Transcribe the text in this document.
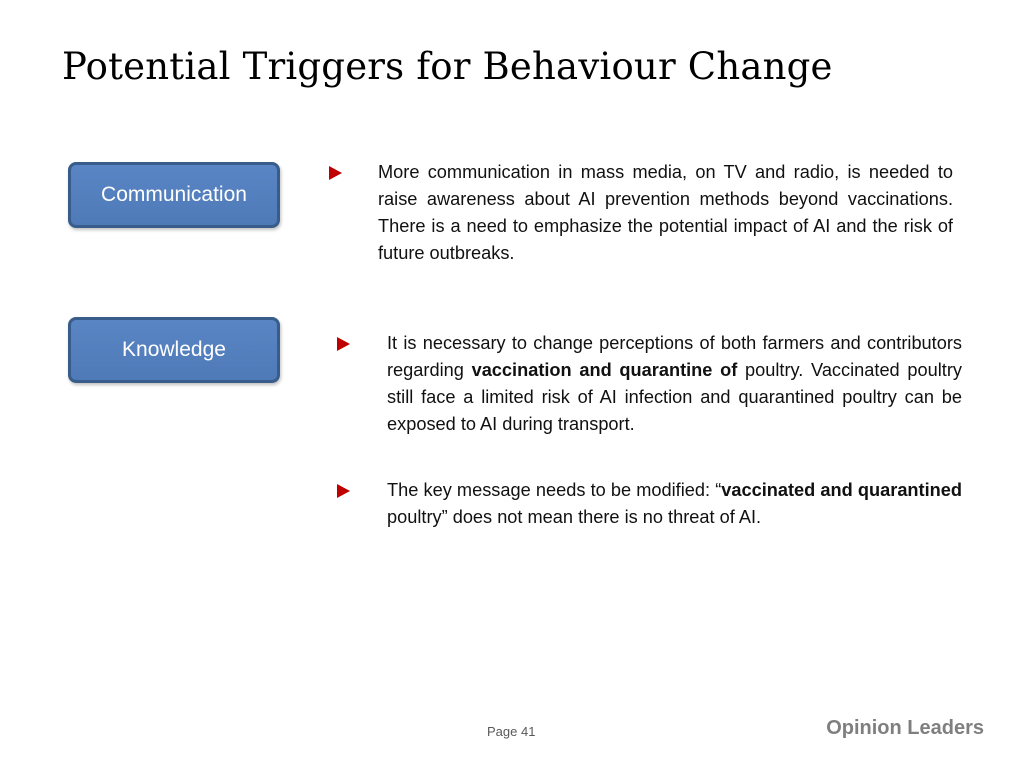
Potential Triggers for Behaviour Change
Communication
Knowledge
More communication in mass media, on TV and radio, is needed to raise awareness about AI prevention methods beyond vaccinations. There is a need to emphasize the potential impact of AI and the risk of future outbreaks.
It is necessary to change perceptions of both farmers and contributors regarding vaccination and quarantine of poultry. Vaccinated poultry still face a limited risk of AI infection and quarantined poultry can be exposed to AI during transport.
The key message needs to be modified: “vaccinated and quarantined poultry” does not mean there is no threat of AI.
Page 41	Opinion Leaders
